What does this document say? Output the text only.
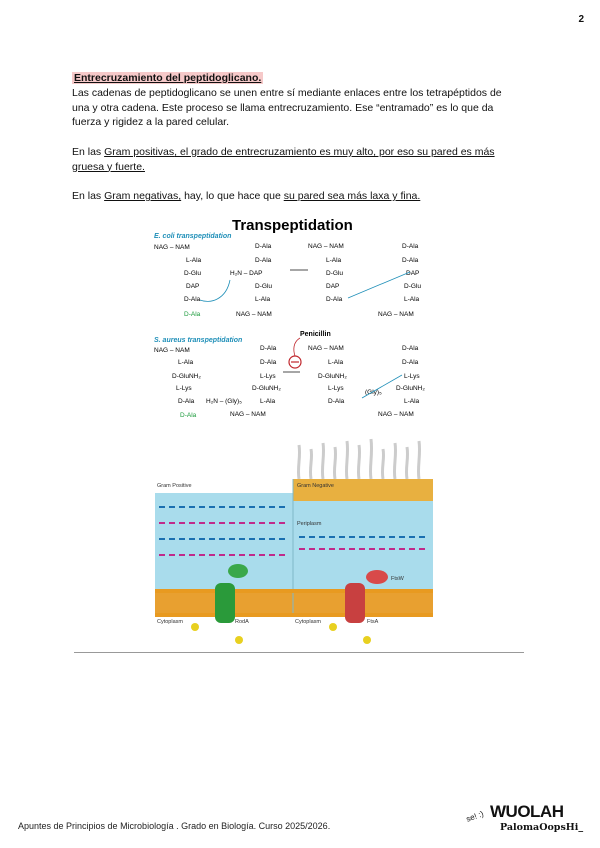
2
Entrecruzamiento del peptidoglicano.
Las cadenas de peptidoglicano se unen entre sí mediante enlaces entre los tetrapéptidos de
una y otra cadena. Este proceso se llama entrecruzamiento. Ese “entramado” es lo que da
fuerza y rigidez a la pared celular.
En las Gram positivas, el grado de entrecruzamiento es muy alto, por eso su pared es más
gruesa y fuerte.
En las Gram negativas, hay, lo que hace que su pared sea más laxa y fina.
Transpeptidation
E. coli transpeptidation
NAG – NAM
L-Ala
D-Glu
DAP
D-Ala
D-Ala
D-Ala
D-Ala
H₂N – DAP
D-Glu
L-Ala
NAG – NAM
NAG – NAM
L-Ala
D-Glu
DAP
D-Ala
D-Ala
D-Ala
DAP
D-Glu
L-Ala
NAG – NAM
S. aureus transpeptidation
NAG – NAM
L-Ala
D-GluNH₂
L-Lys
D-Ala
D-Ala
D-Ala
D-Ala
L-Lys
D-GluNH₂
L-Ala
H₂N – (Gly)₅
NAG – NAM
Penicillin
NAG – NAM
L-Ala
D-GluNH₂
L-Lys
D-Ala
(Gly)₅
D-Ala
D-Ala
L-Lys
D-GluNH₂
L-Ala
NAG – NAM
Gram Positive	Gram Negative
Periplasm
Cytoplasm	Cytoplasm
RodA	FtsA
FtsW
Apuntes de Principios de Microbiología . Grado en Biología. Curso 2025/2026.
se! :) WUOLAH
PalomaOopsHi_
